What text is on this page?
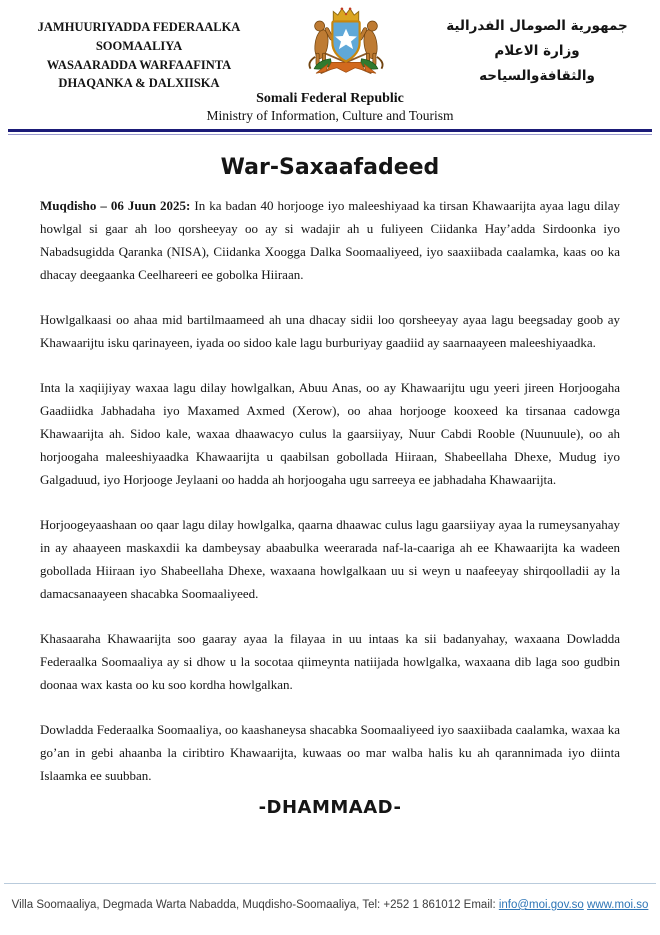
JAMHUURIYADDA FEDERAALKA
SOOMAALIYA
WASAARADDA WARFAAFINTA
DHAQANKA & DALXIISKA
جمهورية الصومال الفدرالية
وزارة الاعلام
والثقافةوالسياحه
Somali Federal Republic
Ministry of Information, Culture and Tourism
War-Saxaafadeed

Muqdisho – 06 Juun 2025: In ka badan 40 horjooge iyo maleeshiyaad ka tirsan Khawaarijta ayaa lagu dilay howlgal si gaar ah loo qorsheeyay oo ay si wadajir ah u fuliyeen Ciidanka Hay’adda Sirdoonka iyo Nabadsugidda Qaranka (NISA), Ciidanka Xoogga Dalka Soomaaliyeed, iyo saaxiibada caalamka, kaas oo ka dhacay deegaanka Ceelhareeri ee gobolka Hiiraan.

Howlgalkaasi oo ahaa mid bartilmaameed ah una dhacay sidii loo qorsheeyay ayaa lagu beegsaday goob ay Khawaarijtu isku qarinayeen, iyada oo sidoo kale lagu burburiyay gaadiid ay saarnaayeen maleeshiyaadka.

Inta la xaqiijiyay waxaa lagu dilay howlgalkan, Abuu Anas, oo ay Khawaarijtu ugu yeeri jireen Horjoogaha Gaadiidka Jabhadaha iyo Maxamed Axmed (Xerow), oo ahaa horjooge kooxeed ka tirsanaa cadowga Khawaarijta ah. Sidoo kale, waxaa dhaawacyo culus la gaarsiiyay, Nuur Cabdi Rooble (Nuunuule), oo ah horjoogaha maleeshiyaadka Khawaarijta u qaabilsan gobollada Hiiraan, Shabeellaha Dhexe, Mudug iyo Galgaduud, iyo Horjooge Jeylaani oo hadda ah horjoogaha ugu sarreeya ee jabhadaha Khawaarijta.

Horjoogeyaashaan oo qaar lagu dilay howlgalka, qaarna dhaawac culus lagu gaarsiiyay ayaa la rumeysanyahay in ay ahaayeen maskaxdii ka dambeysay abaabulka weerarada naf-la-caariga ah ee Khawaarijta ka wadeen gobollada Hiiraan iyo Shabeellaha Dhexe, waxaana howlgalkaan uu si weyn u naafeeyay shirqoolladii ay la damacsanaayeen shacabka Soomaaliyeed.

Khasaaraha Khawaarijta soo gaaray ayaa la filayaa in uu intaas ka sii badanyahay, waxaana Dowladda Federaalka Soomaaliya ay si dhow u la socotaa qiimeynta natiijada howlgalka, waxaana dib laga soo gudbin doonaa wax kasta oo ku soo kordha howlgalkan.

Dowladda Federaalka Soomaaliya, oo kaashaneysa shacabka Soomaaliyeed iyo saaxiibada caalamka, waxaa ka go’an in gebi ahaanba la ciribtiro Khawaarijta, kuwaas oo mar walba halis ku ah qarannimada iyo diinta Islaamka ee suubban.

-DHAMMAAD-
Villa Soomaaliya, Degmada Warta Nabadda, Muqdisho-Soomaaliya, Tel: +252 1 861012 Email: info@moi.gov.so www.moi.so
